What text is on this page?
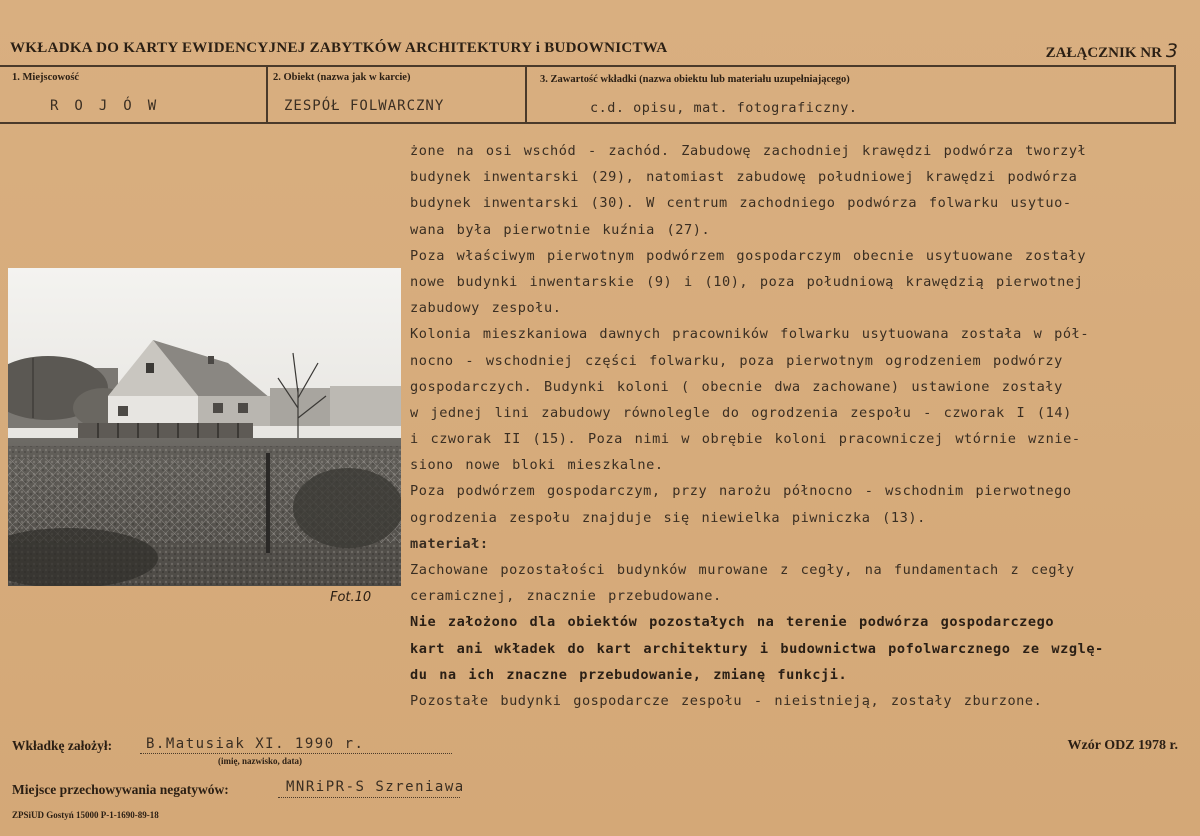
WKŁADKA DO KARTY EWIDENCYJNEJ ZABYTKÓW ARCHITEKTURY i BUDOWNICTWA	ZAŁĄCZNIK NR 3
1. Miejscowość	2. Obiekt (nazwa jak w karcie)	3. Zawartość wkładki (nazwa obiektu lub materiału uzupełniającego)
ROJÓW	ZESPÓŁ FOLWARCZNY	c.d. opisu, mat. fotograficzny.
żone na osi wschód - zachód. Zabudowę zachodniej krawędzi podwórza tworzył
budynek inwentarski (29), natomiast zabudowę południowej krawędzi podwórza
budynek inwentarski (30). W centrum zachodniego podwórza folwarku usytuo-
wana była pierwotnie kuźnia (27).
Poza właściwym pierwotnym podwórzem gospodarczym obecnie usytuowane zostały
nowe budynki inwentarskie (9) i (10), poza południową krawędzią pierwotnej
zabudowy zespołu.
Kolonia mieszkaniowa dawnych pracowników folwarku usytuowana została w pół-
nocno - wschodniej części folwarku, poza pierwotnym ogrodzeniem podwórzy
gospodarczych. Budynki koloni ( obecnie dwa zachowane) ustawione zostały
w jednej lini zabudowy równolegle do ogrodzenia zespołu - czworak I (14)
i czworak II (15). Poza nimi w obrębie koloni pracowniczej wtórnie wznie-
siono nowe bloki mieszkalne.
Poza podwórzem gospodarczym, przy narożu północno - wschodnim pierwotnego
ogrodzenia zespołu znajduje się niewielka piwniczka (13).
materiał:
Zachowane pozostałości budynków murowane z cegły, na fundamentach z cegły
ceramicznej, znacznie przebudowane.
Nie założono dla obiektów pozostałych na terenie podwórza gospodarczego
kart ani wkładek do kart architektury i budownictwa pofolwarcznego ze wzglę-
du na ich znaczne przebudowanie, zmianę funkcji.
Pozostałe budynki gospodarcze zespołu - nieistnieją, zostały zburzone.
Fot.10
Wkładkę założył: B.Matusiak XI. 1990 r.
(imię, nazwisko, data)
Wzór ODZ 1978 r.
Miejsce przechowywania negatywów:	MNRiPR-S Szreniawa
ZPSiUD Gostyń 15000 P-1-1690-89-18
